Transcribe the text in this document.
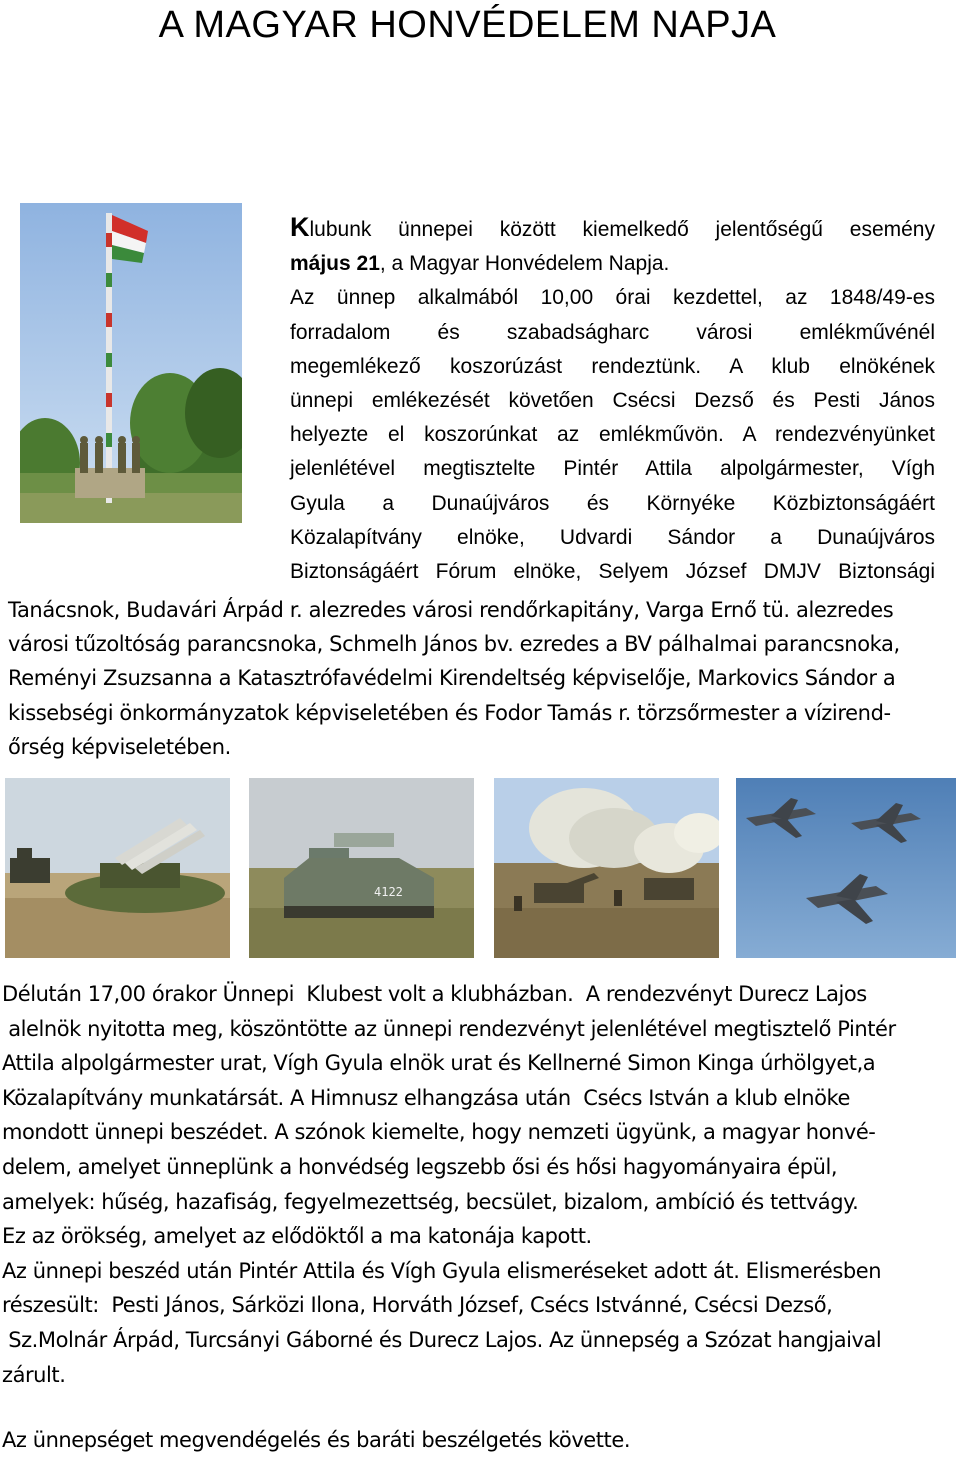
A MAGYAR HONVÉDELEM NAPJA
Klubunk ünnepei között kiemelkedő jelentőségű esemény
május 21, a Magyar Honvédelem Napja.
Az ünnep alkalmából 10,00 órai kezdettel, az 1848/49-es
forradalom és szabadságharc városi emlékművénél
megemlékező koszorúzást rendeztünk. A klub elnökének
ünnepi emlékezését követően Csécsi Dezső és Pesti János
helyezte el koszorúnkat az emlékművön. A rendezvényünket
jelenlétével megtisztelte Pintér Attila alpolgármester, Vígh
Gyula a Dunaújváros és Környéke Közbiztonságáért
Közalapítvány elnöke, Udvardi Sándor a Dunaújváros
Biztonságáért Fórum elnöke, Selyem József DMJV Biztonsági
Tanácsnok, Budavári Árpád r. alezredes városi rendőrkapitány, Varga Ernő tü. alezredes
városi tűzoltóság parancsnoka, Schmelh János bv. ezredes a BV pálhalmai parancsnoka,
Reményi Zsuzsanna a Katasztrófavédelmi Kirendeltség képviselője, Markovics Sándor a
kissebségi önkormányzatok képviseletében és Fodor Tamás r. törzsőrmester a vízirend-
őrség képviseletében.
4122
Délután 17,00 órakor Ünnepi  Klubest volt a klubházban.  A rendezvényt Durecz Lajos
alelnök nyitotta meg, köszöntötte az ünnepi rendezvényt jelenlétével megtisztelő Pintér
Attila alpolgármester urat, Vígh Gyula elnök urat és Kellnerné Simon Kinga úrhölgyet,a
Közalapítvány munkatársát. A Himnusz elhangzása után  Csécs István a klub elnöke
mondott ünnepi beszédet. A szónok kiemelte, hogy nemzeti ügyünk, a magyar honvé-
delem, amelyet ünneplünk a honvédség legszebb ősi és hősi hagyományaira épül,
amelyek: hűség, hazafiság, fegyelmezettség, becsület, bizalom, ambíció és tettvágy.
Ez az örökség, amelyet az elődöktől a ma katonája kapott.
Az ünnepi beszéd után Pintér Attila és Vígh Gyula elismeréseket adott át. Elismerésben
részesült:  Pesti János, Sárközi Ilona, Horváth József, Csécs Istvánné, Csécsi Dezső,
Sz.Molnár Árpád, Turcsányi Gáborné és Durecz Lajos. Az ünnepség a Szózat hangjaival
zárult.
Az ünnepséget megvendégelés és baráti beszélgetés követte.
